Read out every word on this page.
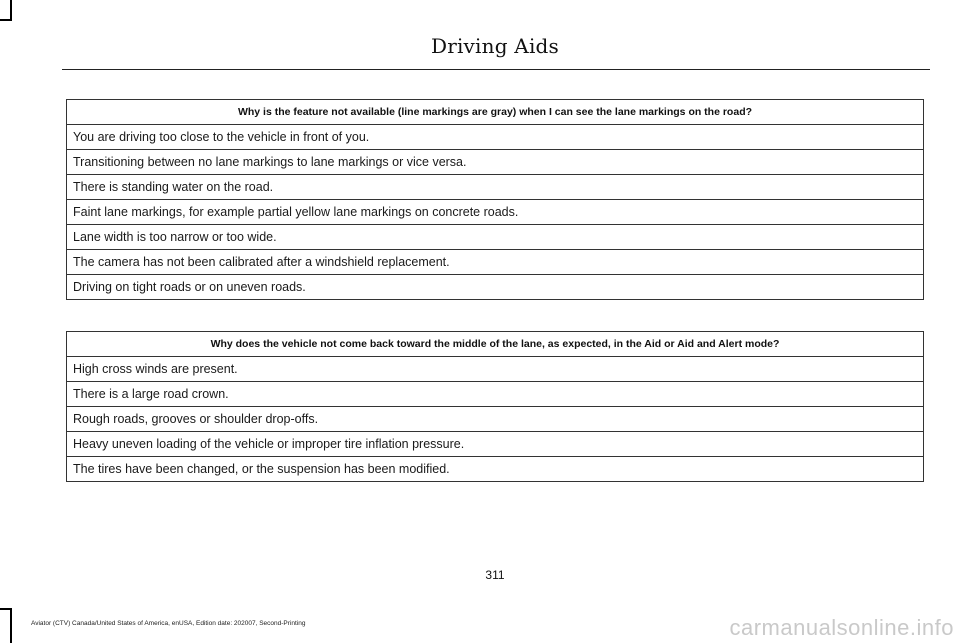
Driving Aids
Why is the feature not available (line markings are gray) when I can see the lane markings on the road?
You are driving too close to the vehicle in front of you.
Transitioning between no lane markings to lane markings or vice versa.
There is standing water on the road.
Faint lane markings, for example partial yellow lane markings on concrete roads.
Lane width is too narrow or too wide.
The camera has not been calibrated after a windshield replacement.
Driving on tight roads or on uneven roads.
Why does the vehicle not come back toward the middle of the lane, as expected, in the Aid or Aid and Alert mode?
High cross winds are present.
There is a large road crown.
Rough roads, grooves or shoulder drop-offs.
Heavy uneven loading of the vehicle or improper tire inflation pressure.
The tires have been changed, or the suspension has been modified.
311
Aviator (CTV) Canada/United States of America, enUSA, Edition date: 202007, Second-Printing	carmanualsonline.info
